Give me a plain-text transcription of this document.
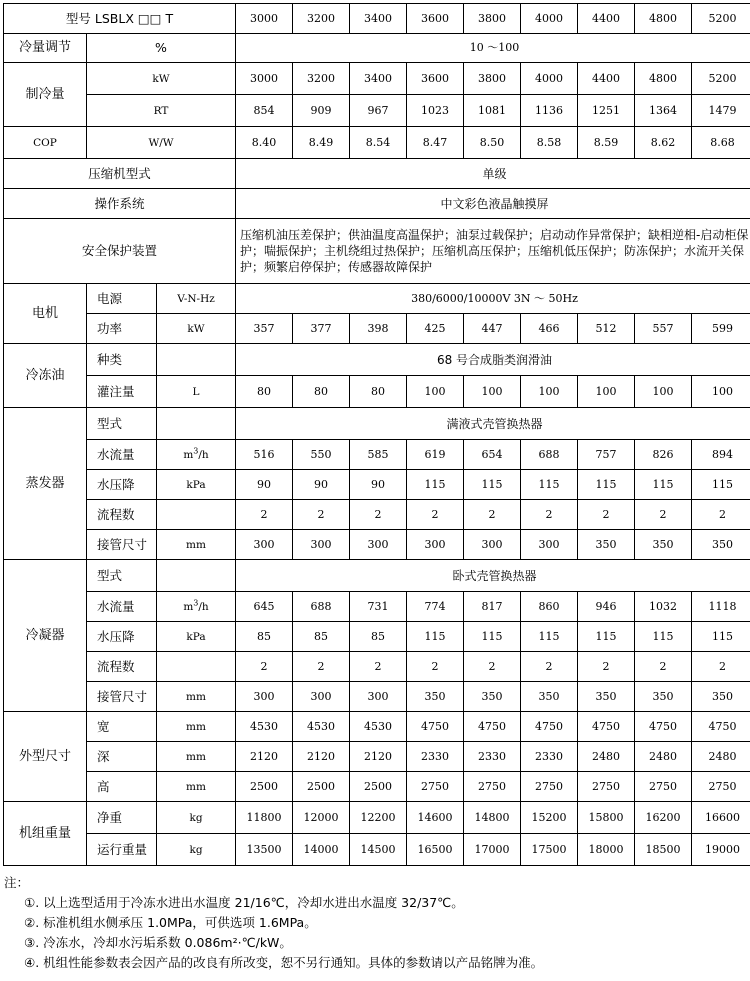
型号 LSBLX □□ T			3000	3200	3400	3600	3800	4000	4400	4800	5200
冷量调节	%		10 ～100								
制冷量	kW		3000	3200	3400	3600	3800	4000	4400	4800	5200
	RT		854	909	967	1023	1081	1136	1251	1364	1479
COP	W/W		8.40	8.49	8.54	8.47	8.50	8.58	8.59	8.62	8.68
压缩机型式			单级								
操作系统			中文彩色液晶触摸屏								
安全保护装置			压缩机油压差保护；供油温度高温保护；油泵过载保护；启动动作异常保护；缺相逆相-启动柜保护；喘振保护；主机绕组过热保护；压缩机高压保护；压缩机低压保护；防冻保护；水流开关保护；频繁启停保护；传感器故障保护								
电机	电源	V-N-Hz	380/6000/10000V 3N ～ 50Hz								
	功率	kW	357	377	398	425	447	466	512	557	599
冷冻油	种类		68 号合成脂类润滑油								
	灌注量	L	80	80	80	100	100	100	100	100	100
蒸发器	型式		满液式壳管换热器								
	水流量	$m^3/h$	516	550	585	619	654	688	757	826	894
	水压降	kPa	90	90	90	115	115	115	115	115	115
	流程数		2	2	2	2	2	2	2	2	2
	接管尺寸	mm	300	300	300	300	300	300	350	350	350
冷凝器	型式		卧式壳管换热器								
	水流量	$m^3/h$	645	688	731	774	817	860	946	1032	1118
	水压降	kPa	85	85	85	115	115	115	115	115	115
	流程数		2	2	2	2	2	2	2	2	2
	接管尺寸	mm	300	300	300	350	350	350	350	350	350
外型尺寸	宽	mm	4530	4530	4530	4750	4750	4750	4750	4750	4750
	深	mm	2120	2120	2120	2330	2330	2330	2480	2480	2480
	高	mm	2500	2500	2500	2750	2750	2750	2750	2750	2750
机组重量	净重	kg	11800	12000	12200	14600	14800	15200	15800	16200	16600
	运行重量	kg	13500	14000	14500	16500	17000	17500	18000	18500	19000
注：
①. 以上选型适用于冷冻水进出水温度 21/16℃，冷却水进出水温度 32/37℃。
②. 标准机组水侧承压 1.0MPa，可供选项 1.6MPa。
③. 冷冻水，冷却水污垢系数 0.086m²·℃/kW。
④. 机组性能参数表会因产品的改良有所改变，恕不另行通知。具体的参数请以产品铭牌为准。
